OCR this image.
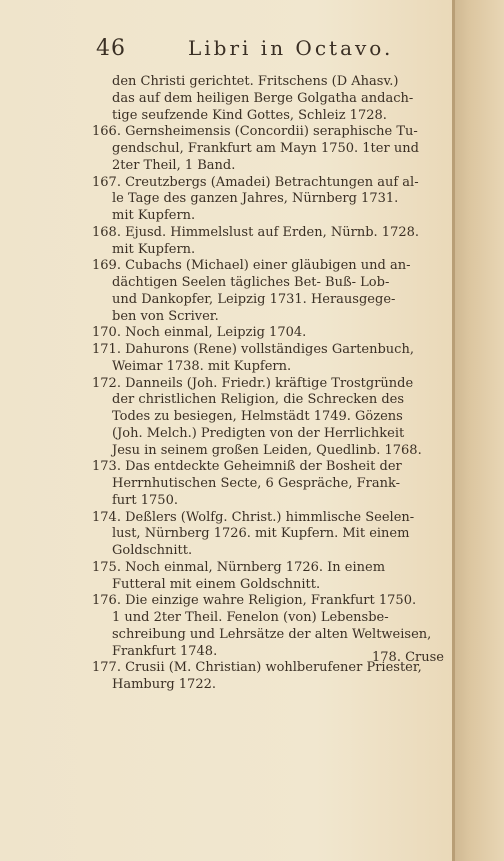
46	Libri in Octavo.
den Christi gerichtet. Fritschens (D Ahasv.)
das auf dem heiligen Berge Golgatha andach-
tige seufzende Kind Gottes, Schleiz 1728.
166. Gernsheimensis (Concordii) seraphische Tu-
gendschul, Frankfurt am Mayn 1750. 1ter und
2ter Theil, 1 Band.
167. Creutzbergs (Amadei) Betrachtungen auf al-
le Tage des ganzen Jahres, Nürnberg 1731.
mit Kupfern.
168. Ejusd. Himmelslust auf Erden, Nürnb. 1728.
mit Kupfern.
169. Cubachs (Michael) einer gläubigen und an-
dächtigen Seelen tägliches Bet- Buß- Lob-
und Dankopfer, Leipzig 1731. Herausgege-
ben von Scriver.
170. Noch einmal, Leipzig 1704.
171. Dahurons (Rene) vollständiges Gartenbuch,
Weimar 1738. mit Kupfern.
172. Danneils (Joh. Friedr.) kräftige Trostgründe
der christlichen Religion, die Schrecken des
Todes zu besiegen, Helmstädt 1749. Gözens
(Joh. Melch.) Predigten von der Herrlichkeit
Jesu in seinem großen Leiden, Quedlinb. 1768.
173. Das entdeckte Geheimniß der Bosheit der
Herrnhutischen Secte, 6 Gespräche, Frank-
furt 1750.
174. Deßlers (Wolfg. Christ.) himmlische Seelen-
lust, Nürnberg 1726. mit Kupfern. Mit einem
Goldschnitt.
175. Noch einmal, Nürnberg 1726. In einem
Futteral mit einem Goldschnitt.
176. Die einzige wahre Religion, Frankfurt 1750.
1 und 2ter Theil. Fenelon (von) Lebensbe-
schreibung und Lehrsätze der alten Weltweisen,
Frankfurt 1748.
177. Crusii (M. Christian) wohlberufener Priester,
Hamburg 1722.
178. Cruse
